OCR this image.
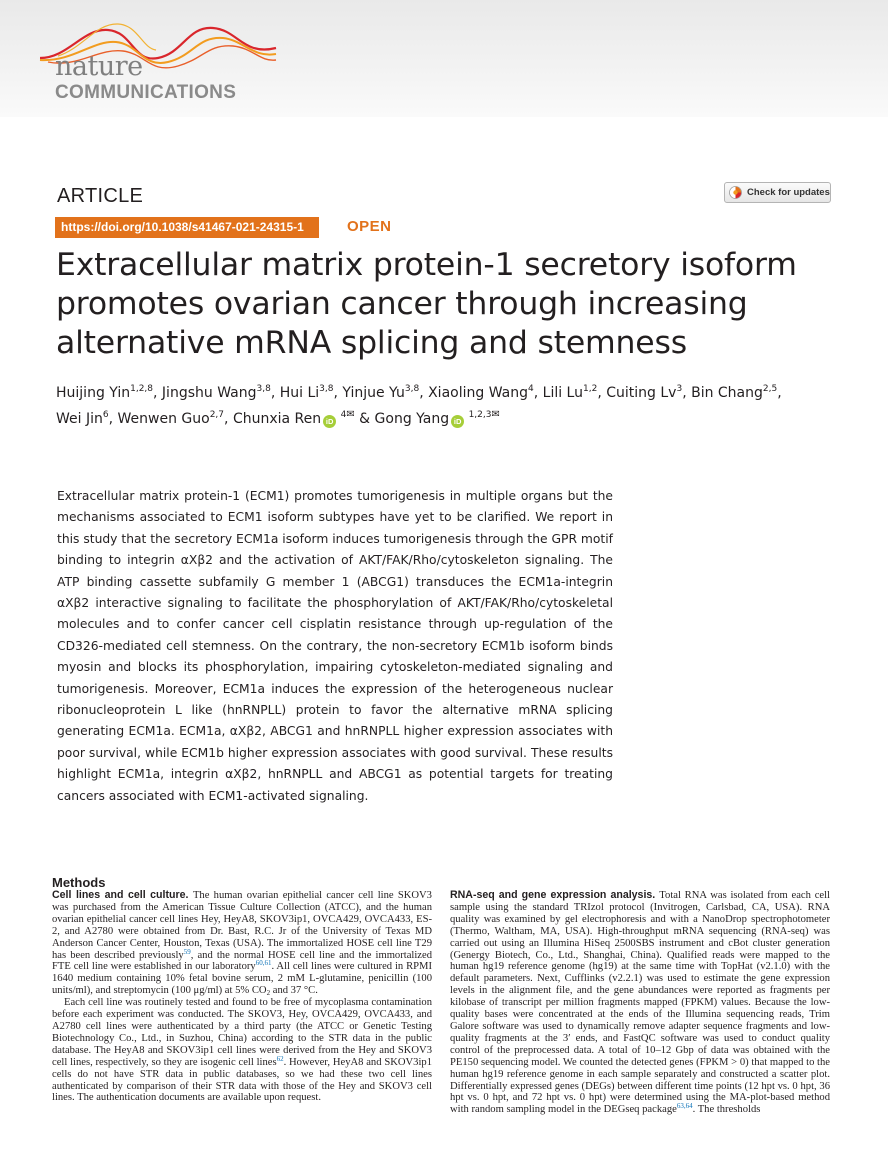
nature
COMMUNICATIONS
ARTICLE	Check for updates
https://doi.org/10.1038/s41467-021-24315-1	OPEN
Extracellular matrix protein-1 secretory isoform
promotes ovarian cancer through increasing
alternative mRNA splicing and stemness
Huijing Yin$^{1,2,8}$, Jingshu Wang$^{3,8}$, Hui Li$^{3,8}$, Yinjue Yu$^{3,8}$, Xiaoling Wang$^4$, Lili Lu$^{1,2}$, Cuiting Lv$^3$, Bin Chang$^{2,5}$,
Wei Jin$^6$, Wenwen Guo$^{2,7}$, Chunxia Ren iD $^{4✉}$ & Gong Yang iD $^{1,2,3✉}$

Extracellular matrix protein-1 (ECM1) promotes tumorigenesis in multiple organs but the mechanisms associated to ECM1 isoform subtypes have yet to be clarified. We report in this study that the secretory ECM1a isoform induces tumorigenesis through the GPR motif binding to integrin αXβ2 and the activation of AKT/FAK/Rho/cytoskeleton signaling. The ATP binding cassette subfamily G member 1 (ABCG1) transduces the ECM1a-integrin αXβ2 interactive signaling to facilitate the phosphorylation of AKT/FAK/Rho/cytoskeletal molecules and to confer cancer cell cisplatin resistance through up-regulation of the CD326-mediated cell stemness. On the contrary, the non-secretory ECM1b isoform binds myosin and blocks its phosphorylation, impairing cytoskeleton-mediated signaling and tumorigenesis. Moreover, ECM1a induces the expression of the heterogeneous nuclear ribonucleoprotein L like (hnRNPLL) protein to favor the alternative mRNA splicing generating ECM1a. ECM1a, αXβ2, ABCG1 and hnRNPLL higher expression associates with poor survival, while ECM1b higher expression associates with good survival. These results highlight ECM1a, integrin αXβ2, hnRNPLL and ABCG1 as potential targets for treating cancers associated with ECM1-activated signaling.

Methods

Cell lines and cell culture. The human ovarian epithelial cancer cell line SKOV3 was purchased from the American Tissue Culture Collection (ATCC), and the human ovarian epithelial cancer cell lines Hey, HeyA8, SKOV3ip1, OVCA429, OVCA433, ES-2, and A2780 were obtained from Dr. Bast, R.C. Jr of the University of Texas MD Anderson Cancer Center, Houston, Texas (USA). The immortalized HOSE cell line T29 has been described previously$^{59}$, and the normal HOSE cell line and the immortalized FTE cell line were established in our laboratory$^{60,61}$. All cell lines were cultured in RPMI 1640 medium containing 10% fetal bovine serum, 2 mM L-glutamine, penicillin (100 units/ml), and streptomycin (100 μg/ml) at 5% $CO_2$ and 37 °C.

Each cell line was routinely tested and found to be free of mycoplasma contamination before each experiment was conducted. The SKOV3, Hey, OVCA429, OVCA433, and A2780 cell lines were authenticated by a third party (the ATCC or Genetic Testing Biotechnology Co., Ltd., in Suzhou, China) according to the STR data in the public database. The HeyA8 and SKOV3ip1 cell lines were derived from the Hey and SKOV3 cell lines, respectively, so they are isogenic cell lines$^{62}$. However, HeyA8 and SKOV3ip1 cells do not have STR data in public databases, so we had these two cell lines authenticated by comparison of their STR data with those of the Hey and SKOV3 cell lines. The authentication documents are available upon request.

RNA-seq and gene expression analysis. Total RNA was isolated from each cell sample using the standard TRIzol protocol (Invitrogen, Carlsbad, CA, USA). RNA quality was examined by gel electrophoresis and with a NanoDrop spectrophotometer (Thermo, Waltham, MA, USA). High-throughput mRNA sequencing (RNA-seq) was carried out using an Illumina HiSeq 2500SBS instrument and cBot cluster generation (Genergy Biotech, Co., Ltd., Shanghai, China). Qualified reads were mapped to the human hg19 reference genome (hg19) at the same time with TopHat (v2.1.0) with the default parameters. Next, Cufflinks (v2.2.1) was used to estimate the gene expression levels in the alignment file, and the gene abundances were reported as fragments per kilobase of transcript per million fragments mapped (FPKM) values. Because the low-quality bases were concentrated at the ends of the Illumina sequencing reads, Trim Galore software was used to dynamically remove adapter sequence fragments and low-quality fragments at the 3′ ends, and FastQC software was used to conduct quality control of the preprocessed data. A total of 10–12 Gbp of data was obtained with the PE150 sequencing model. We counted the detected genes (FPKM > 0) that mapped to the human hg19 reference genome in each sample separately and constructed a scatter plot. Differentially expressed genes (DEGs) between different time points (12 hpt vs. 0 hpt, 36 hpt vs. 0 hpt, and 72 hpt vs. 0 hpt) were determined using the MA-plot-based method with random sampling model in the DEGseq package$^{63,64}$. The thresholds
